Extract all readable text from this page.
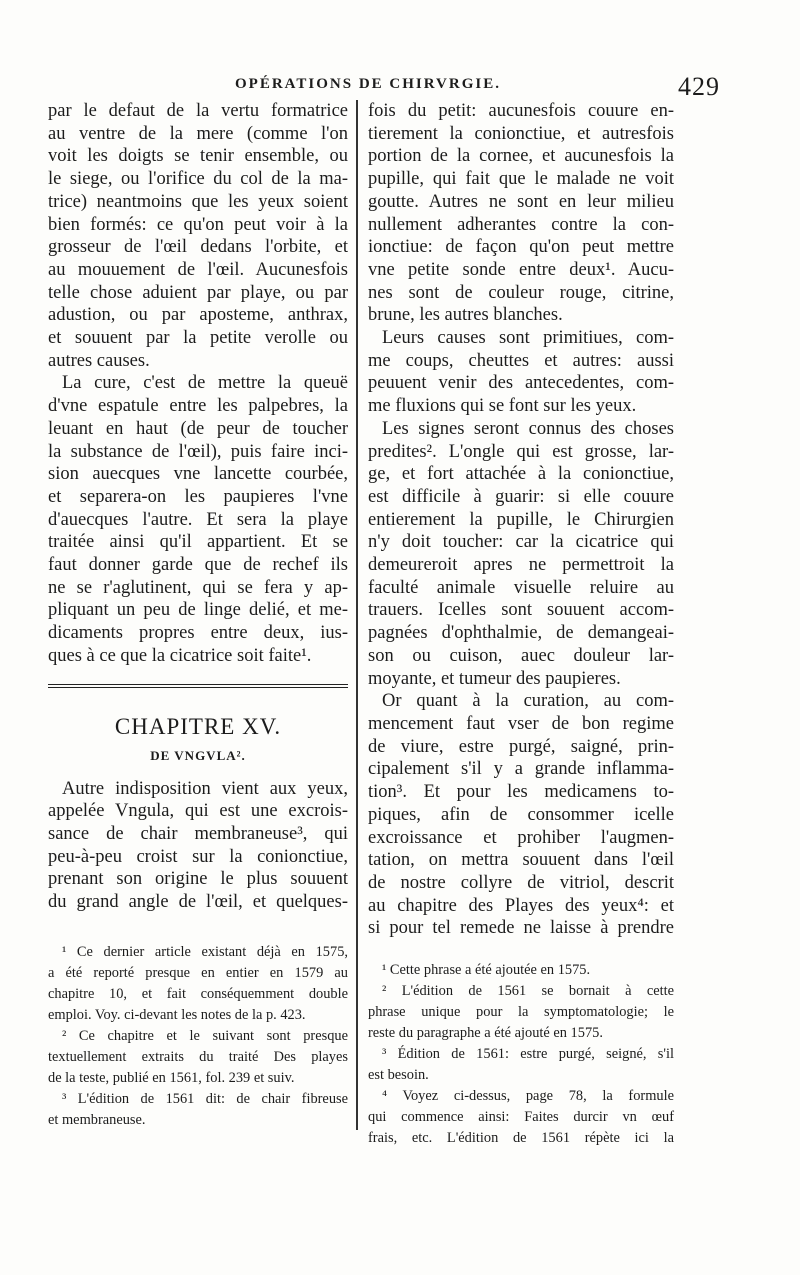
OPÉRATIONS DE CHIRVRGIE.	429
par le defaut de la vertu formatrice
au ventre de la mere (comme l'on
voit les doigts se tenir ensemble, ou
le siege, ou l'orifice du col de la ma-
trice) neantmoins que les yeux soient
bien formés: ce qu'on peut voir à la
grosseur de l'œil dedans l'orbite, et
au mouuement de l'œil. Aucunesfois
telle chose aduient par playe, ou par
adustion, ou par aposteme, anthrax,
et souuent par la petite verolle ou
autres causes.
La cure, c'est de mettre la queuë
d'vne espatule entre les palpebres, la
leuant en haut (de peur de toucher
la substance de l'œil), puis faire inci-
sion auecques vne lancette courbée,
et separera-on les paupieres l'vne
d'auecques l'autre. Et sera la playe
traitée ainsi qu'il appartient. Et se
faut donner garde que de rechef ils
ne se r'aglutinent, qui se fera y ap-
pliquant un peu de linge delié, et me-
dicaments propres entre deux, ius-
ques à ce que la cicatrice soit faite¹.
CHAPITRE XV.
DE VNGVLA².
Autre indisposition vient aux yeux,
appelée Vngula, qui est une excrois-
sance de chair membraneuse³, qui
peu-à-peu croist sur la conionctiue,
prenant son origine le plus souuent
du grand angle de l'œil, et quelques-
¹ Ce dernier article existant déjà en 1575,
a été reporté presque en entier en 1579 au
chapitre 10, et fait conséquemment double
emploi. Voy. ci-devant les notes de la p. 423.
² Ce chapitre et le suivant sont presque
textuellement extraits du traité Des playes
de la teste, publié en 1561, fol. 239 et suiv.
³ L'édition de 1561 dit: de chair fibreuse
et membraneuse.
fois du petit: aucunesfois couure en-
tierement la conionctiue, et autresfois
portion de la cornee, et aucunesfois la
pupille, qui fait que le malade ne voit
goutte. Autres ne sont en leur milieu
nullement adherantes contre la con-
ionctiue: de façon qu'on peut mettre
vne petite sonde entre deux¹. Aucu-
nes sont de couleur rouge, citrine,
brune, les autres blanches.
Leurs causes sont primitiues, com-
me coups, cheuttes et autres: aussi
peuuent venir des antecedentes, com-
me fluxions qui se font sur les yeux.
Les signes seront connus des choses
predites². L'ongle qui est grosse, lar-
ge, et fort attachée à la conionctiue,
est difficile à guarir: si elle couure
entierement la pupille, le Chirurgien
n'y doit toucher: car la cicatrice qui
demeureroit apres ne permettroit la
faculté animale visuelle reluire au
trauers. Icelles sont souuent accom-
pagnées d'ophthalmie, de demangeai-
son ou cuison, auec douleur lar-
moyante, et tumeur des paupieres.
Or quant à la curation, au com-
mencement faut vser de bon regime
de viure, estre purgé, saigné, prin-
cipalement s'il y a grande inflamma-
tion³. Et pour les medicamens to-
piques, afin de consommer icelle
excroissance et prohiber l'augmen-
tation, on mettra souuent dans l'œil
de nostre collyre de vitriol, descrit
au chapitre des Playes des yeux⁴: et
si pour tel remede ne laisse à prendre
¹ Cette phrase a été ajoutée en 1575.
² L'édition de 1561 se bornait à cette
phrase unique pour la symptomatologie; le
reste du paragraphe a été ajouté en 1575.
³ Édition de 1561: estre purgé, seigné, s'il
est besoin.
⁴ Voyez ci-dessus, page 78, la formule
qui commence ainsi: Faites durcir vn œuf
frais, etc. L'édition de 1561 répète ici la
